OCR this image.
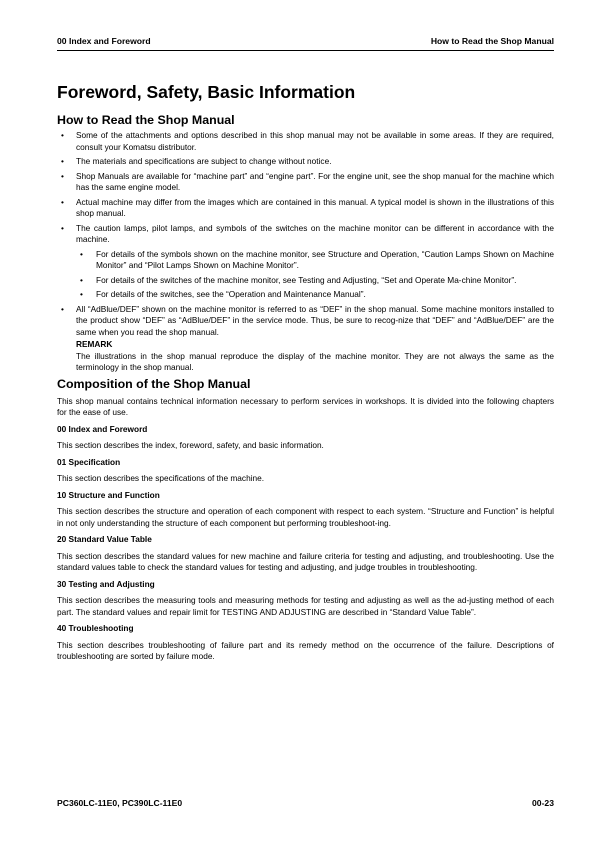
00 Index and Foreword	How to Read the Shop Manual
Foreword, Safety, Basic Information
How to Read the Shop Manual
• Some of the attachments and options described in this shop manual may not be available in some areas. If they are required, consult your Komatsu distributor.
• The materials and specifications are subject to change without notice.
• Shop Manuals are available for “machine part” and “engine part”. For the engine unit, see the shop manual for the machine which has the same engine model.
• Actual machine may differ from the images which are contained in this manual. A typical model is shown in the illustrations of this shop manual.
• The caution lamps, pilot lamps, and symbols of the switches on the machine monitor can be different in accordance with the machine.
• For details of the symbols shown on the machine monitor, see Structure and Operation, “Caution Lamps Shown on Machine Monitor” and “Pilot Lamps Shown on Machine Monitor”.
• For details of the switches of the machine monitor, see Testing and Adjusting, “Set and Operate Ma-chine Monitor”.
• For details of the switches, see the “Operation and Maintenance Manual”.
• All “AdBlue/DEF” shown on the machine monitor is referred to as “DEF” in the shop manual. Some machine monitors installed to the product show “DEF” as “AdBlue/DEF” in the service mode. Thus, be sure to recog-nize that “DEF” and “AdBlue/DEF” are the same when you read the shop manual.
REMARK
The illustrations in the shop manual reproduce the display of the machine monitor. They are not always the same as the terminology in the shop manual.
Composition of the Shop Manual

This shop manual contains technical information necessary to perform services in workshops. It is divided into the following chapters for the ease of use.

00 Index and Foreword
This section describes the index, foreword, safety, and basic information.
01 Specification
This section describes the specifications of the machine.
10 Structure and Function
This section describes the structure and operation of each component with respect to each system. “Structure and Function” is helpful in not only understanding the structure of each component but performing troubleshoot-ing.
20 Standard Value Table
This section describes the standard values for new machine and failure criteria for testing and adjusting, and troubleshooting. Use the standard values table to check the standard values for testing and adjusting, and judge troubles in troubleshooting.
30 Testing and Adjusting
This section describes the measuring tools and measuring methods for testing and adjusting as well as the ad-justing method of each part. The standard values and repair limit for TESTING AND ADJUSTING are described in “Standard Value Table”.
40 Troubleshooting
This section describes troubleshooting of failure part and its remedy method on the occurrence of the failure. Descriptions of troubleshooting are sorted by failure mode.
PC360LC-11E0, PC390LC-11E0	00-23
